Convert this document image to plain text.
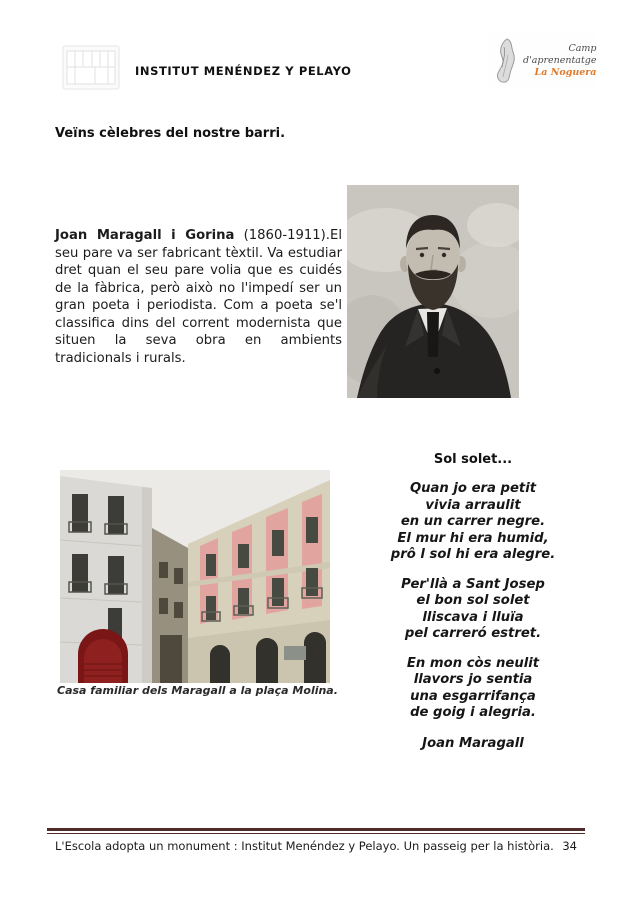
INSTITUT MENÉNDEZ Y PELAYO
Camp
d'aprenentatge
La Noguera
Veïns cèlebres del nostre barri.
Joan Maragall i Gorina (1860-1911).El seu pare va ser fabricant tèxtil. Va estudiar dret quan el seu pare volia que es cuidés de la fàbrica, però això no l'impedí ser un gran poeta i periodista. Com a poeta se'l classifica dins del corrent modernista que situen la seva obra en ambients tradicionals i rurals.
Casa familiar dels Maragall a la plaça Molina.
Sol solet...
Quan jo era petit
vivia arraulit
en un carrer negre.
El mur hi era humid,
prô l sol hi era alegre.
Per'llà a Sant Josep
el bon sol solet
lliscava i lluïa
pel carreró estret.
En mon còs neulit
llavors jo sentia
una esgarrifança
de goig i alegria.
Joan Maragall
L'Escola adopta un monument : Institut Menéndez y Pelayo. Un passeig per la història. 34
